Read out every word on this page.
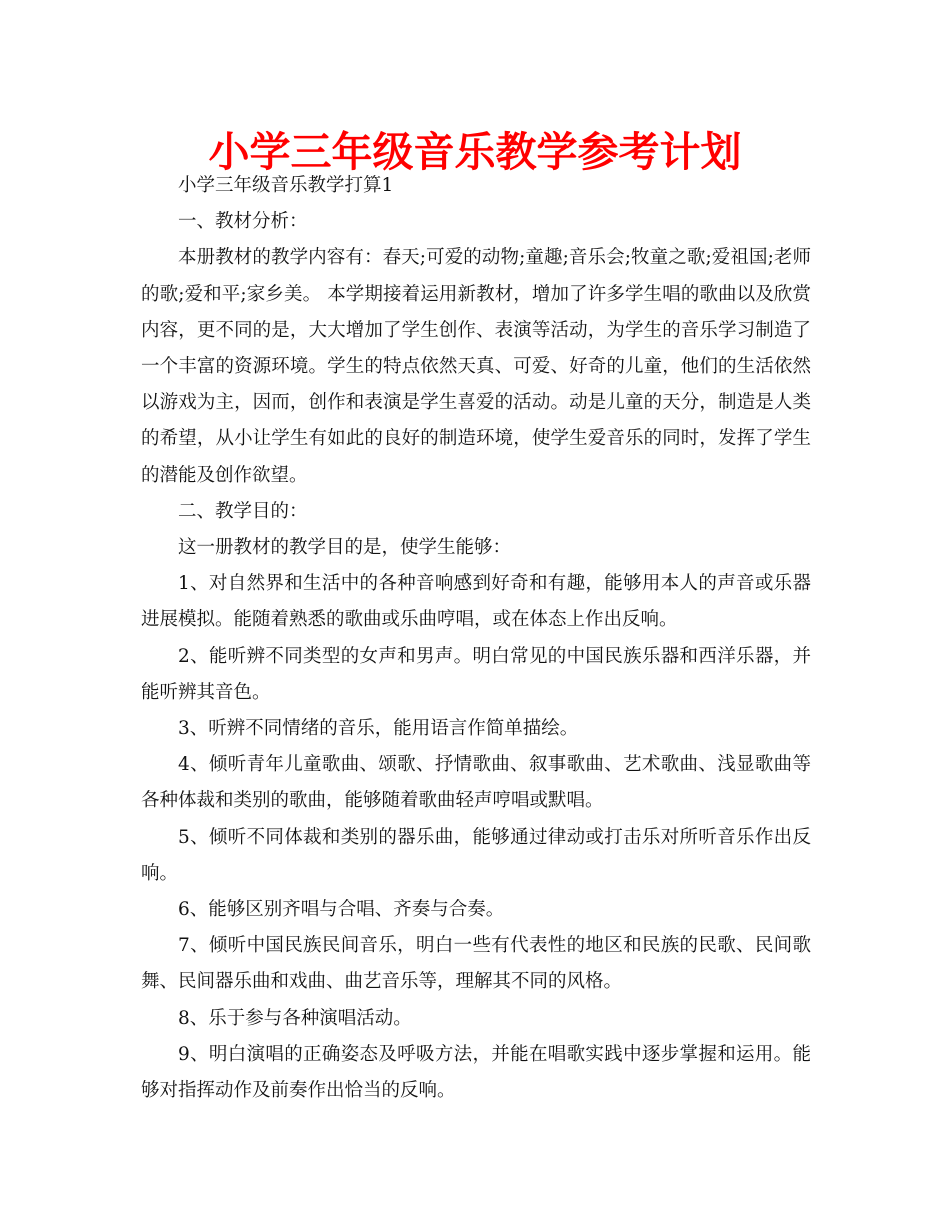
小学三年级音乐教学参考计划

小学三年级音乐教学打算1

一、教材分析：

本册教材的教学内容有：春天;可爱的动物;童趣;音乐会;牧童之歌;爱祖国;老师的歌;爱和平;家乡美。 本学期接着运用新教材，增加了许多学生唱的歌曲以及欣赏内容，更不同的是，大大增加了学生创作、表演等活动，为学生的音乐学习制造了一个丰富的资源环境。学生的特点依然天真、可爱、好奇的儿童，他们的生活依然以游戏为主，因而，创作和表演是学生喜爱的活动。动是儿童的天分，制造是人类的希望，从小让学生有如此的良好的制造环境，使学生爱音乐的同时，发挥了学生的潜能及创作欲望。

二、教学目的：

这一册教材的教学目的是，使学生能够：

1、对自然界和生活中的各种音响感到好奇和有趣，能够用本人的声音或乐器进展模拟。能随着熟悉的歌曲或乐曲哼唱，或在体态上作出反响。

2、能听辨不同类型的女声和男声。明白常见的中国民族乐器和西洋乐器，并能听辨其音色。

3、听辨不同情绪的音乐，能用语言作简单描绘。

4、倾听青年儿童歌曲、颂歌、抒情歌曲、叙事歌曲、艺术歌曲、浅显歌曲等各种体裁和类别的歌曲，能够随着歌曲轻声哼唱或默唱。

5、倾听不同体裁和类别的器乐曲，能够通过律动或打击乐对所听音乐作出反响。

6、能够区别齐唱与合唱、齐奏与合奏。

7、倾听中国民族民间音乐，明白一些有代表性的地区和民族的民歌、民间歌舞、民间器乐曲和戏曲、曲艺音乐等，理解其不同的风格。

8、乐于参与各种演唱活动。

9、明白演唱的正确姿态及呼吸方法，并能在唱歌实践中逐步掌握和运用。能够对指挥动作及前奏作出恰当的反响。
